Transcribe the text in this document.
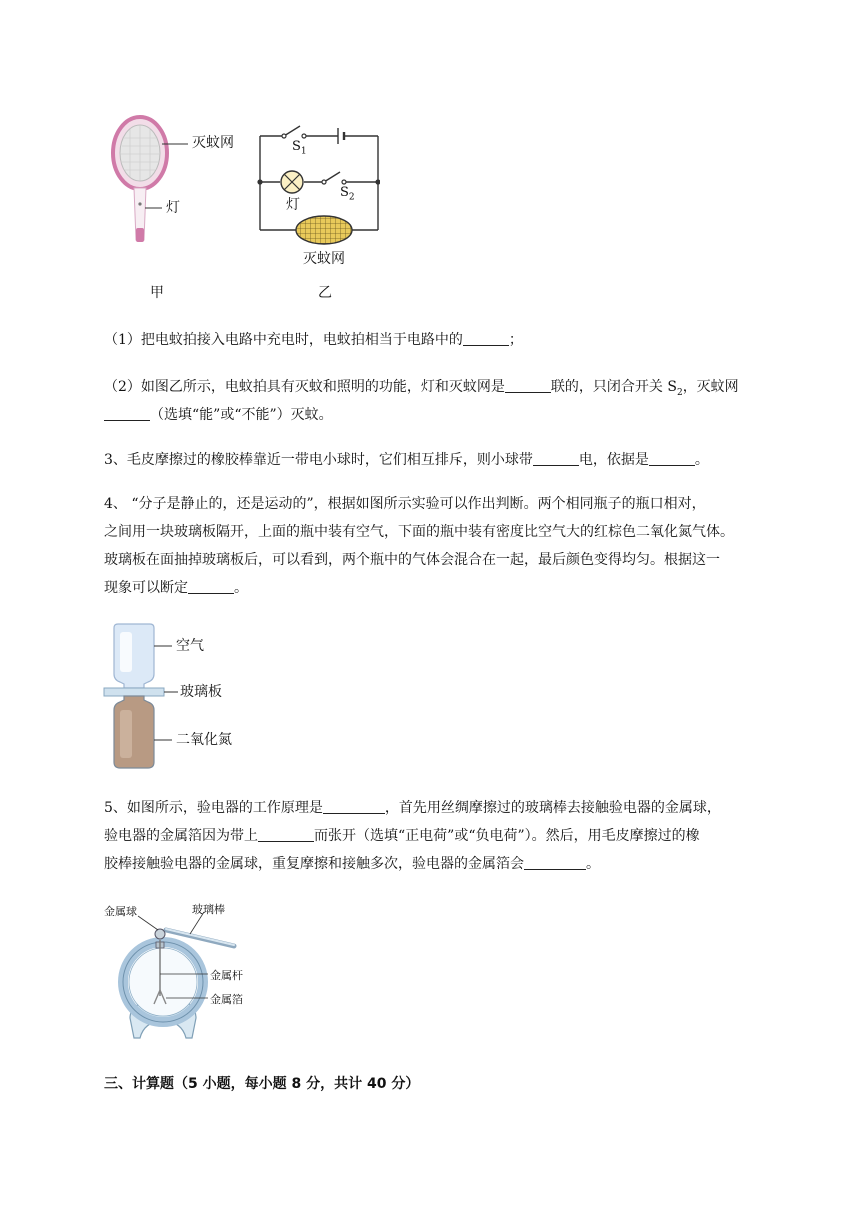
灭蚊网
灯
甲
$S_1$
$S_2$
灯
灭蚊网
乙
（1）把电蚊拍接入电路中充电时，电蚊拍相当于电路中的	；
（2）如图乙所示，电蚊拍具有灭蚊和照明的功能，灯和灭蚊网是	联的，只闭合开关 $S_2$，灭蚊网
（选填“能”或“不能”）灭蚊。
3、毛皮摩擦过的橡胶棒靠近一带电小球时，它们相互排斥，则小球带	电，依据是	。
4、 “分子是静止的，还是运动的”，根据如图所示实验可以作出判断。两个相同瓶子的瓶口相对，
之间用一块玻璃板隔开，上面的瓶中装有空气，下面的瓶中装有密度比空气大的红棕色二氧化氮气体。
玻璃板在面抽掉玻璃板后，可以看到，两个瓶中的气体会混合在一起，最后颜色变得均匀。根据这一
现象可以断定	。
空气
玻璃板
二氧化氮
5、如图所示，验电器的工作原理是	，首先用丝绸摩擦过的玻璃棒去接触验电器的金属球，
验电器的金属箔因为带上	而张开（选填“正电荷”或“负电荷”）。然后，用毛皮摩擦过的橡
胶棒接触验电器的金属球，重复摩擦和接触多次，验电器的金属箔会	。
金属球	玻璃棒
金属杆
金属箔
三、计算题（5 小题，每小题 8 分，共计 40 分）
